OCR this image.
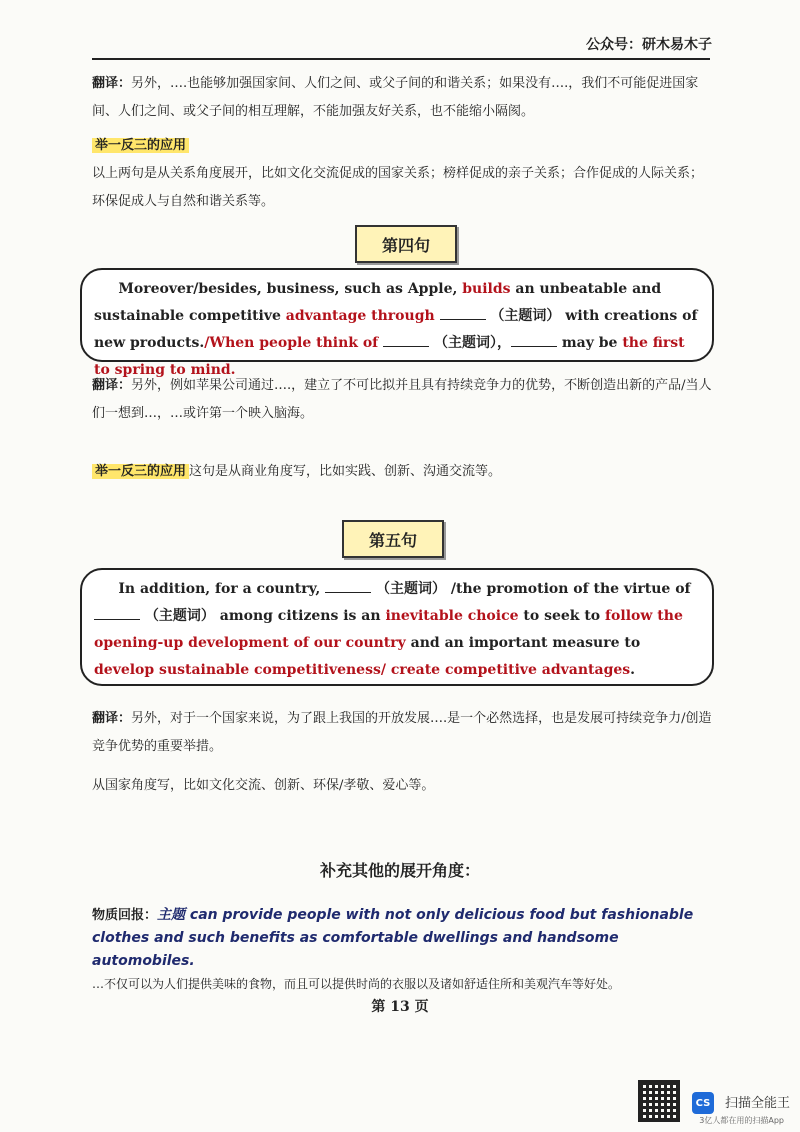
公众号：研木易木子
翻译：另外，….也能够加强国家间、人们之间、或父子间的和谐关系；如果没有….，我们不可能促进国家间、人们之间、或父子间的相互理解，不能加强友好关系，也不能缩小隔阂。
举一反三的应用
以上两句是从关系角度展开，比如文化交流促成的国家关系；榜样促成的亲子关系；合作促成的人际关系；环保促成人与自然和谐关系等。
第四句
Moreover/besides, business, such as Apple, builds an unbeatable and sustainable competitive advantage through	（主题词） with creations of new products./When people think of	（主题词），	may be the first to spring to mind.
翻译：另外，例如苹果公司通过….，建立了不可比拟并且具有持续竞争力的优势，不断创造出新的产品/当人们一想到…，…或许第一个映入脑海。
举一反三的应用 这句是从商业角度写，比如实践、创新、沟通交流等。
第五句
In addition, for a country,	（主题词） /the promotion of the virtue of  （主题词） among citizens is an inevitable choice to seek to follow the opening-up development of our country and an important measure to develop sustainable competitiveness/ create competitive advantages.
翻译：另外，对于一个国家来说，为了跟上我国的开放发展….是一个必然选择，也是发展可持续竞争力/创造竞争优势的重要举措。
从国家角度写，比如文化交流、创新、环保/孝敬、爱心等。
补充其他的展开角度：
物质回报：主题 can provide people with not only delicious food but fashionable clothes and such benefits as comfortable dwellings and handsome automobiles.
…不仅可以为人们提供美味的食物，而且可以提供时尚的衣服以及诸如舒适住所和美观汽车等好处。
第 13 页
CS 扫描全能王
3亿人都在用的扫描App
